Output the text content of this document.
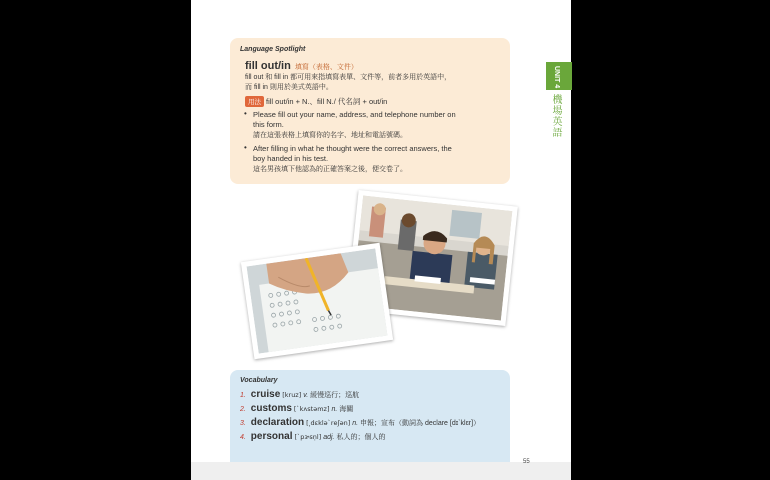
UNIT 4
機場英語
Language Spotlight
fill out/in 填寫（表格、文件）
fill out 和 fill in 都可用來指填寫表單、文件等，前者多用於英語中，
而 fill in 則用於美式英語中。
用法 fill out/in + N.、fill N./ 代名詞 + out/in
• Please fill out your name, address, and telephone number on
this form.
請在這張表格上填寫你的名字、地址和電話號碼。
• After filling in what he thought were the correct answers, the
boy handed in his test.
這名男孩填下他認為的正確答案之後，便交卷了。
Vocabulary
1. cruise [kruz] v. 緩慢巡行；巡航
2. customs [ˋkʌstəmz] n. 海關
3. declaration [͵dɛkləˋreʃən] n. 申報；宣布（動詞為 declare [dɪˋklɛr]）
4. personal [ˋpɝsn̩l] adj. 私人的；個人的
55
